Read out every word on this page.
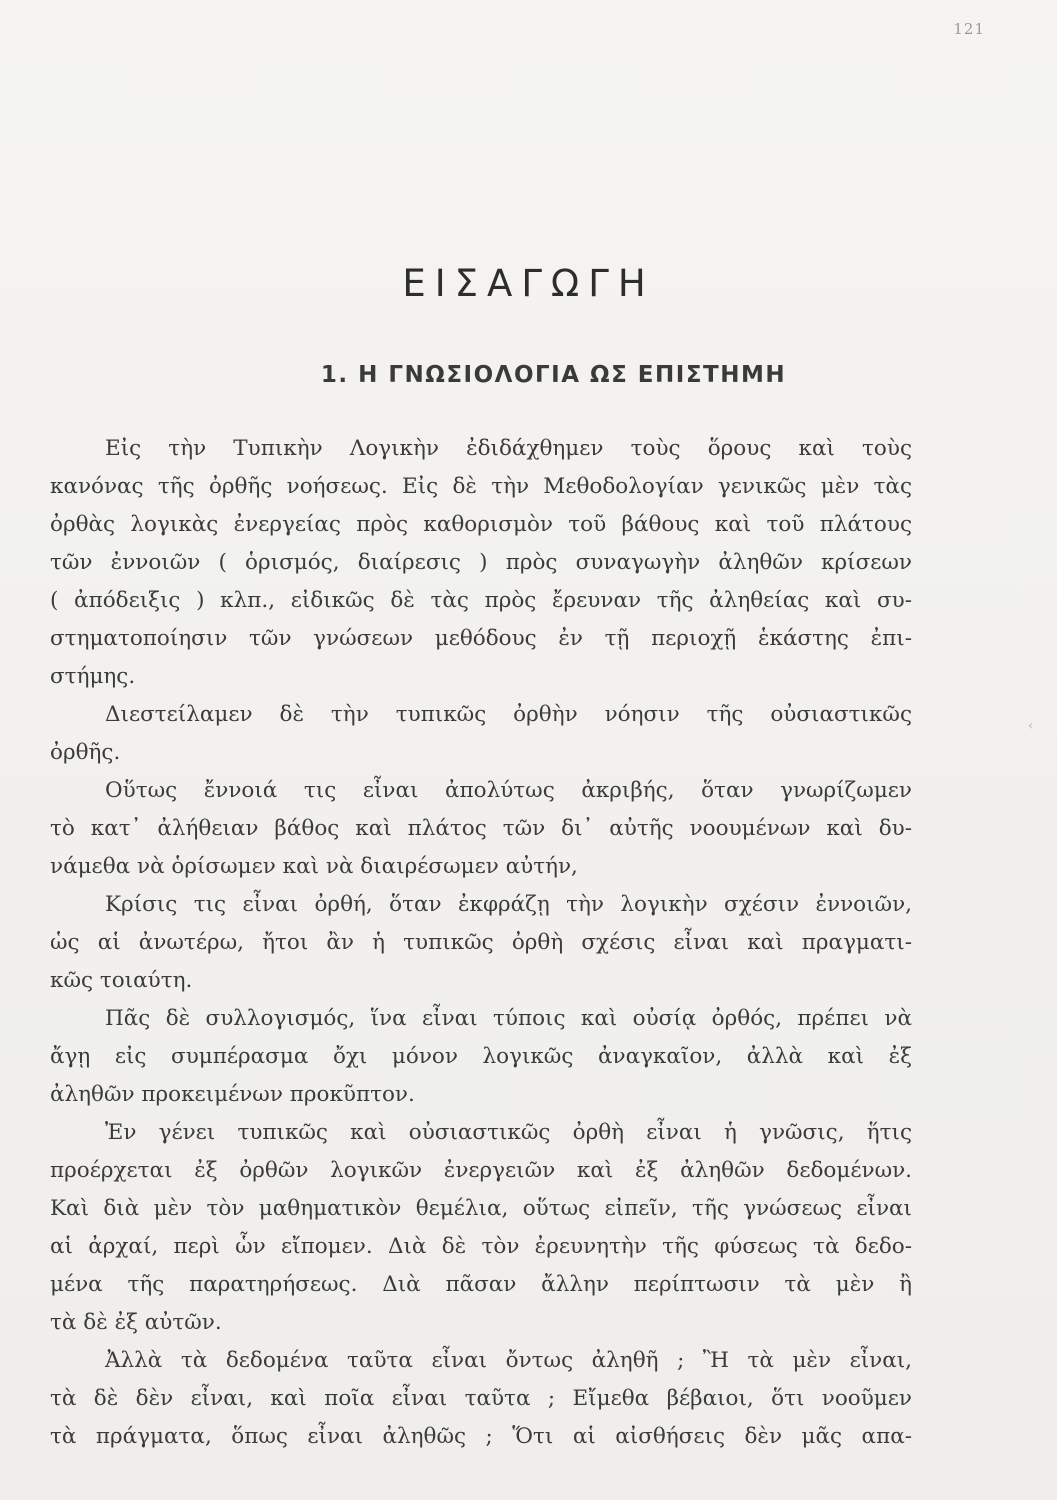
121
ΕΙΣΑΓΩΓΗ
1. Η ΓΝΩΣΙΟΛΟΓΙΑ ΩΣ ΕΠΙΣΤΗΜΗ
Εἰς τὴν Τυπικὴν Λογικὴν ἐδιδάχθημεν τοὺς ὅρους καὶ τοὺς
κανόνας τῆς ὀρθῆς νοήσεως. Εἰς δὲ τὴν Μεθοδολογίαν γενικῶς μὲν τὰς
ὀρθὰς λογικὰς ἐνεργείας πρὸς καθορισμὸν τοῦ βάθους καὶ τοῦ πλάτους
τῶν ἐννοιῶν ( ὁρισμός, διαίρεσις ) πρὸς συναγωγὴν ἀληθῶν κρίσεων
( ἀπόδειξις ) κλπ., εἰδικῶς δὲ τὰς πρὸς ἔρευναν τῆς ἀληθείας καὶ συ-
στηματοποίησιν τῶν γνώσεων μεθόδους ἐν τῇ περιοχῇ ἑκάστης ἐπι-
στήμης.
Διεστείλαμεν δὲ τὴν τυπικῶς ὀρθὴν νόησιν τῆς οὐσιαστικῶς
ὀρθῆς.
Οὕτως ἔννοιά τις εἶναι ἀπολύτως ἀκριβής, ὅταν γνωρίζωμεν
τὸ κατ᾿ ἀλήθειαν βάθος καὶ πλάτος τῶν δι᾿ αὐτῆς νοουμένων καὶ δυ-
νάμεθα νὰ ὁρίσωμεν καὶ νὰ διαιρέσωμεν αὐτήν,
Κρίσις τις εἶναι ὀρθή, ὅταν ἐκφράζῃ τὴν λογικὴν σχέσιν ἐννοιῶν,
ὡς αἱ ἀνωτέρω, ἤτοι ἂν ἡ τυπικῶς ὀρθὴ σχέσις εἶναι καὶ πραγματι-
κῶς τοιαύτη.
Πᾶς δὲ συλλογισμός, ἵνα εἶναι τύποις καὶ οὐσίᾳ ὀρθός, πρέπει νὰ
ἄγῃ εἰς συμπέρασμα ὄχι μόνον λογικῶς ἀναγκαῖον, ἀλλὰ καὶ ἐξ
ἀληθῶν προκειμένων προκῦπτον.
Ἐν γένει τυπικῶς καὶ οὐσιαστικῶς ὀρθὴ εἶναι ἡ γνῶσις, ἥτις
προέρχεται ἐξ ὀρθῶν λογικῶν ἐνεργειῶν καὶ ἐξ ἀληθῶν δεδομένων.
Καὶ διὰ μὲν τὸν μαθηματικὸν θεμέλια, οὕτως εἰπεῖν, τῆς γνώσεως εἶναι
αἱ ἀρχαί, περὶ ὧν εἴπομεν. Διὰ δὲ τὸν ἐρευνητὴν τῆς φύσεως τὰ δεδο-
μένα τῆς παρατηρήσεως. Διὰ πᾶσαν ἄλλην περίπτωσιν τὰ μὲν ἢ
τὰ δὲ ἐξ αὐτῶν.
Ἀλλὰ τὰ δεδομένα ταῦτα εἶναι ὄντως ἀληθῆ ; Ἢ τὰ μὲν εἶναι,
τὰ δὲ δὲν εἶναι, καὶ ποῖα εἶναι ταῦτα ; Εἴμεθα βέβαιοι, ὅτι νοοῦμεν
τὰ πράγματα, ὅπως εἶναι ἀληθῶς ; Ὅτι αἱ αἰσθήσεις δὲν μᾶς απα-
‹
